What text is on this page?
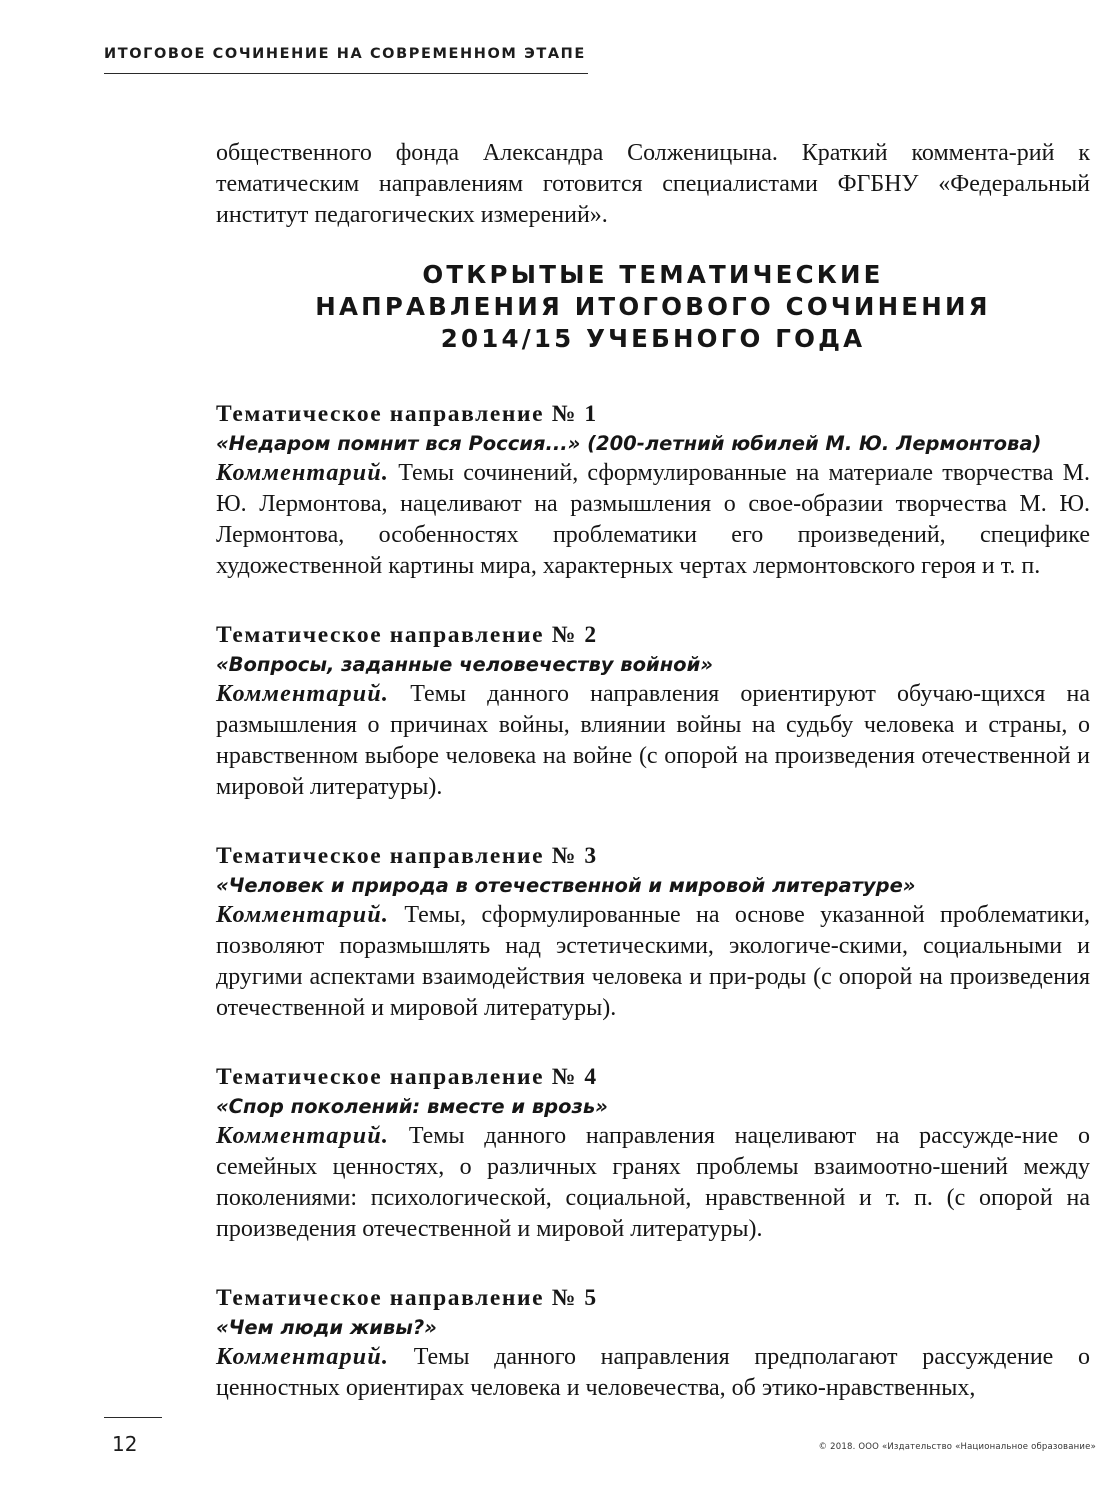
ИТОГОВОЕ СОЧИНЕНИЕ НА СОВРЕМЕННОМ ЭТАПЕ

общественного фонда Александра Солженицына. Краткий коммента-рий к тематическим направлениям готовится специалистами ФГБНУ «Федеральный институт педагогических измерений».

ОТКРЫТЫЕ ТЕМАТИЧЕСКИЕ
НАПРАВЛЕНИЯ ИТОГОВОГО СОЧИНЕНИЯ
2014/15 УЧЕБНОГО ГОДА

Тематическое направление № 1

«Недаром помнит вся Россия...» (200-летний юбилей М. Ю. Лермонтова)

Комментарий. Темы сочинений, сформулированные на материале творчества М. Ю. Лермонтова, нацеливают на размышления о свое-образии творчества М. Ю. Лермонтова, особенностях проблематики его произведений, специфике художественной картины мира, характерных чертах лермонтовского героя и т. п.

Тематическое направление № 2

«Вопросы, заданные человечеству войной»

Комментарий. Темы данного направления ориентируют обучаю-щихся на размышления о причинах войны, влиянии войны на судьбу человека и страны, о нравственном выборе человека на войне (с опорой на произведения отечественной и мировой литературы).

Тематическое направление № 3

«Человек и природа в отечественной и мировой литературе»

Комментарий. Темы, сформулированные на основе указанной проблематики, позволяют поразмышлять над эстетическими, экологиче-скими, социальными и другими аспектами взаимодействия человека и при-роды (с опорой на произведения отечественной и мировой литературы).

Тематическое направление № 4

«Спор поколений: вместе и врозь»

Комментарий. Темы данного направления нацеливают на рассужде-ние о семейных ценностях, о различных гранях проблемы взаимоотно-шений между поколениями: психологической, социальной, нравственной и т. п. (с опорой на произведения отечественной и мировой литературы).

Тематическое направление № 5

«Чем люди живы?»

Комментарий. Темы данного направления предполагают рассуждение о ценностных ориентирах человека и человечества, об этико-нравственных,

12	© 2018. ООО «Издательство «Национальное образование»
